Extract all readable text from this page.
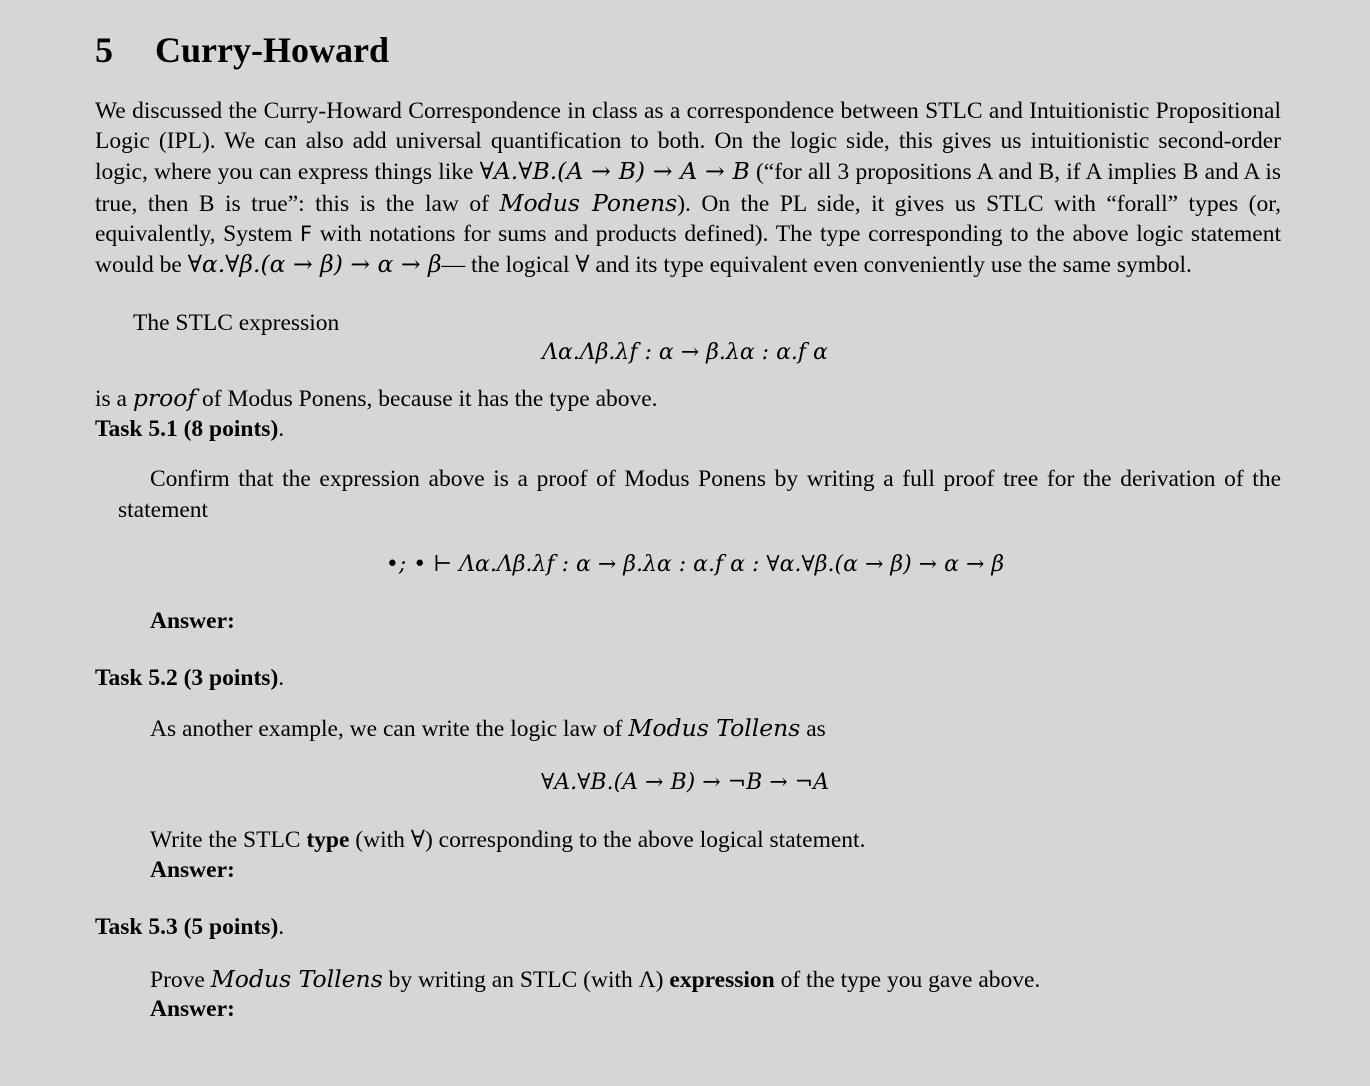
5 Curry-Howard

We discussed the Curry-Howard Correspondence in class as a correspondence between STLC and Intuitionistic Propositional Logic (IPL). We can also add universal quantification to both. On the logic side, this gives us intuitionistic second-order logic, where you can express things like ∀A.∀B.(A → B) → A → B (“for all 3 propositions A and B, if A implies B and A is true, then B is true”: this is the law of Modus Ponens). On the PL side, it gives us STLC with “forall” types (or, equivalently, System F with notations for sums and products defined). The type corresponding to the above logic statement would be ∀α.∀β.(α → β) → α → β— the logical ∀ and its type equivalent even conveniently use the same symbol.

The STLC expression
Λα.Λβ.λf : α → β.λα : α.f α
is a proof of Modus Ponens, because it has the type above.
Task 5.1 (8 points).

Confirm that the expression above is a proof of Modus Ponens by writing a full proof tree for the derivation of the statement

•; • ⊢ Λα.Λβ.λf : α → β.λα : α.f α : ∀α.∀β.(α → β) → α → β
Answer:
Task 5.2 (3 points).
As another example, we can write the logic law of Modus Tollens as
∀A.∀B.(A → B) → ¬B → ¬A
Write the STLC type (with ∀) corresponding to the above logical statement.
Answer:
Task 5.3 (5 points).
Prove Modus Tollens by writing an STLC (with Λ) expression of the type you gave above.
Answer:
